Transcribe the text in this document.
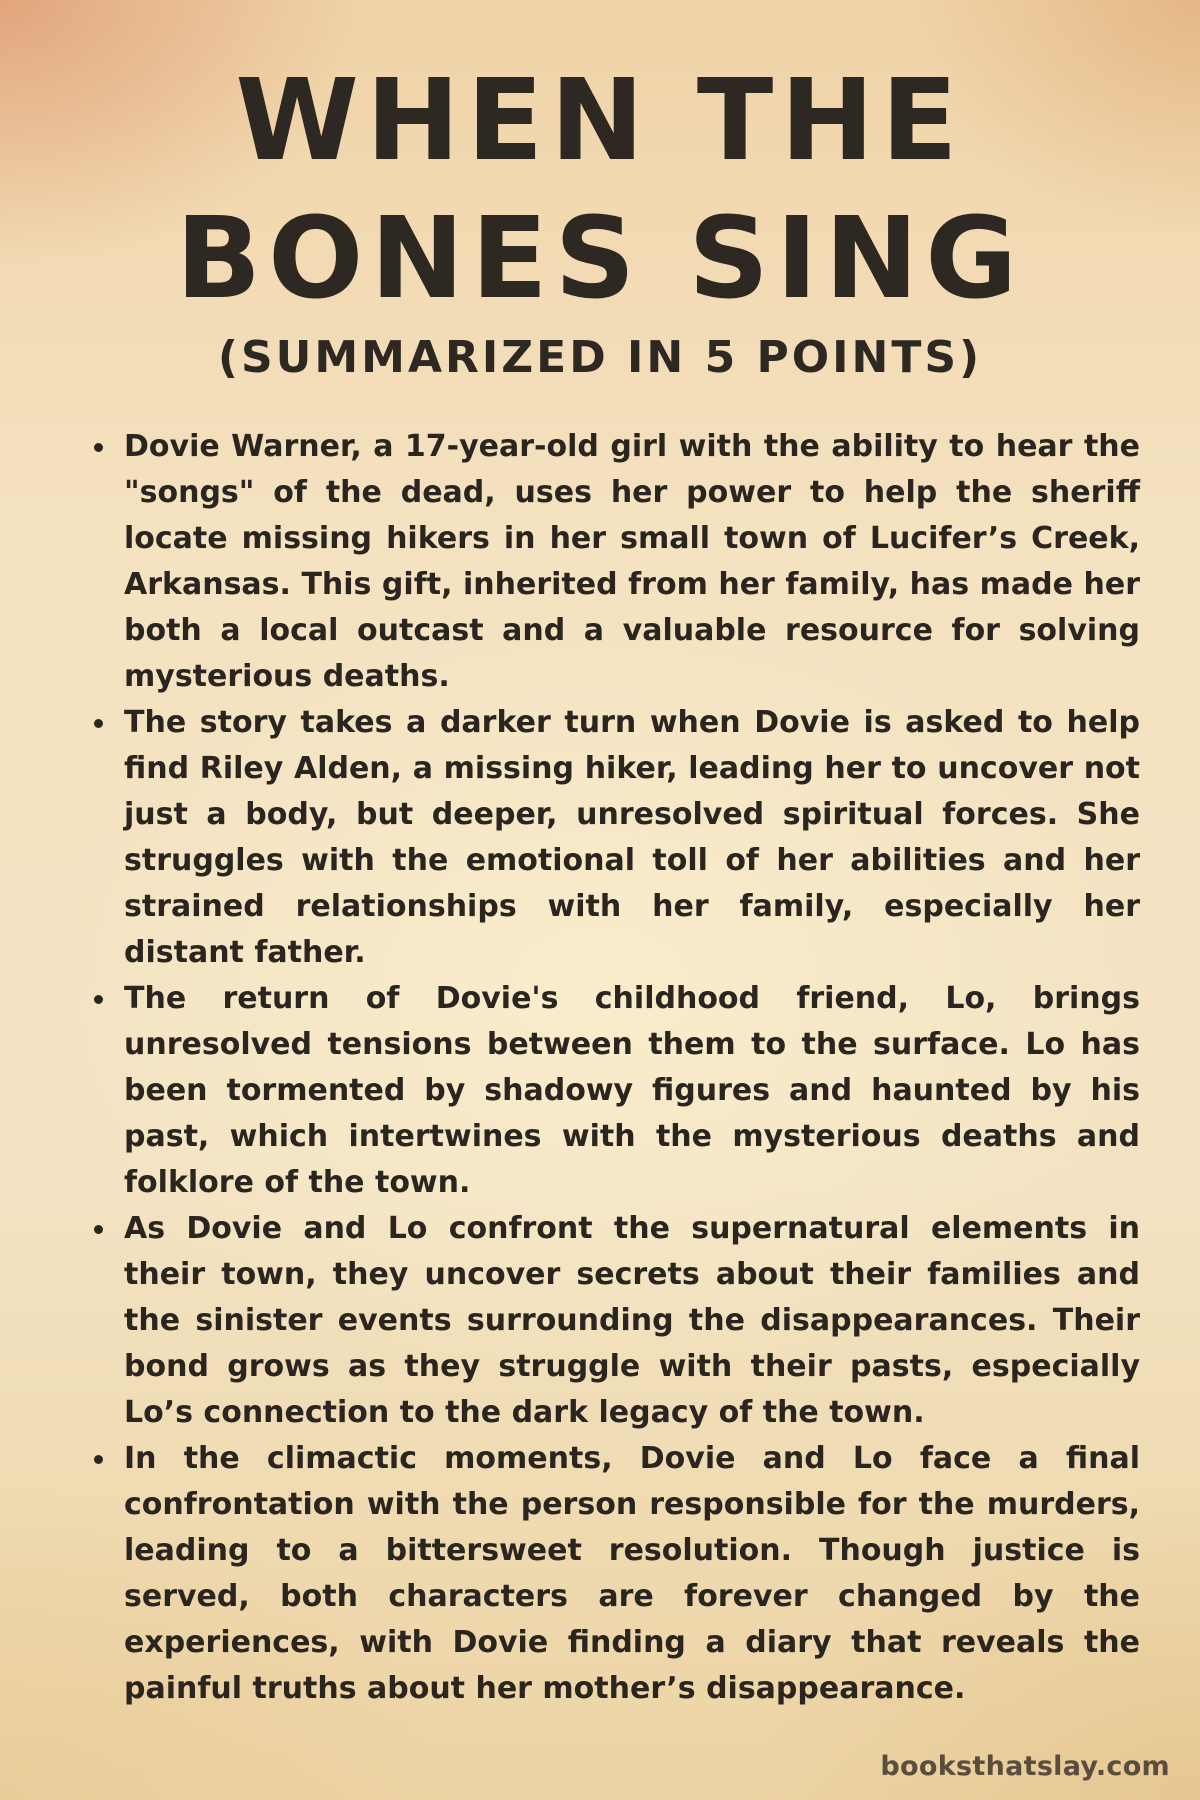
WHEN THE
BONES SING
(SUMMARIZED IN 5 POINTS)
Dovie Warner, a 17-year-old girl with the ability to hear the "songs" of the dead, uses her power to help the sheriff locate missing hikers in her small town of Lucifer’s Creek, Arkansas. This gift, inherited from her family, has made her both a local outcast and a valuable resource for solving mysterious deaths.
The story takes a darker turn when Dovie is asked to help find Riley Alden, a missing hiker, leading her to uncover not just a body, but deeper, unresolved spiritual forces. She struggles with the emotional toll of her abilities and her strained relationships with her family, especially her distant father.
The return of Dovie's childhood friend, Lo, brings unresolved tensions between them to the surface. Lo has been tormented by shadowy figures and haunted by his past, which intertwines with the mysterious deaths and folklore of the town.
As Dovie and Lo confront the supernatural elements in their town, they uncover secrets about their families and the sinister events surrounding the disappearances. Their bond grows as they struggle with their pasts, especially Lo’s connection to the dark legacy of the town.
In the climactic moments, Dovie and Lo face a final confrontation with the person responsible for the murders, leading to a bittersweet resolution. Though justice is served, both characters are forever changed by the experiences, with Dovie finding a diary that reveals the painful truths about her mother’s disappearance.
booksthatslay.com
